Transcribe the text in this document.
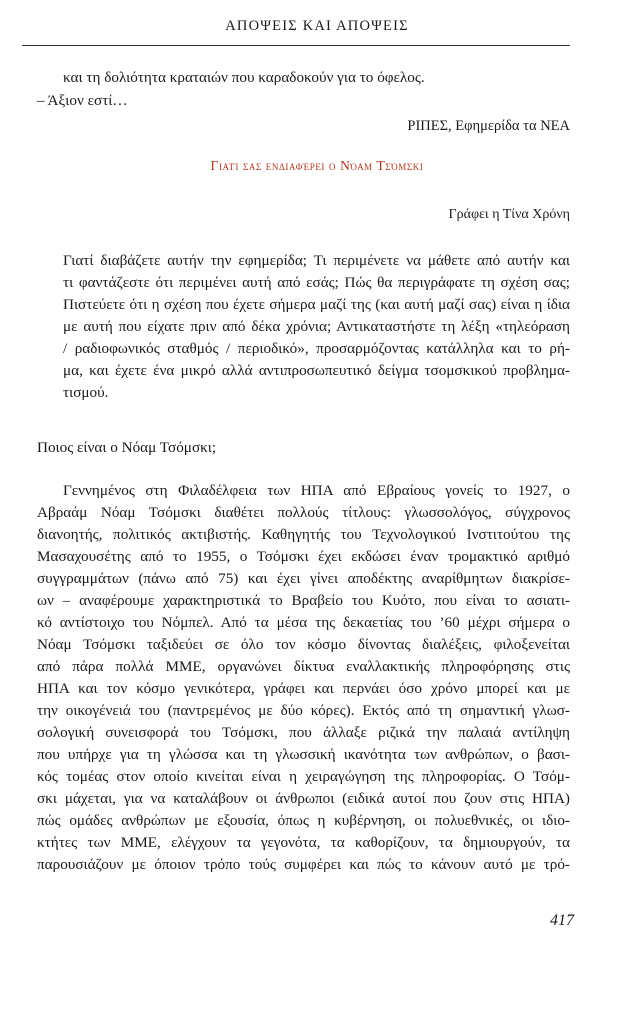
ΑΠΟΨΕΙΣ ΚΑΙ ΑΠΟΨΕΙΣ
και τη δολιότητα κραταιών που καραδοκούν για το όφελος.
– Άξιον εστί…
ΡΙΠΕΣ, Εφημερίδα τα ΝΕΑ
Γιατί σας ενδιαφέρει ο Νόαμ Τσόμσκι
Γράφει η Τίνα Χρόνη
Γιατί διαβάζετε αυτήν την εφημερίδα; Τι περιμένετε να μάθετε από αυτήν και
τι φαντάζεστε ότι περιμένει αυτή από εσάς; Πώς θα περιγράφατε τη σχέση σας;
Πιστεύετε ότι η σχέση που έχετε σήμερα μαζί της (και αυτή μαζί σας) είναι η ίδια
με αυτή που είχατε πριν από δέκα χρόνια; Αντικαταστήστε τη λέξη «τηλεόραση
/ ραδιοφωνικός σταθμός / περιοδικό», προσαρμόζοντας κατάλληλα και το ρή-
μα, και έχετε ένα μικρό αλλά αντιπροσωπευτικό δείγμα τσομσκικού προβλημα-
τισμού.
Ποιος είναι ο Νόαμ Τσόμσκι;
Γεννημένος στη Φιλαδέλφεια των ΗΠΑ από Εβραίους γονείς το 1927, ο
Αβραάμ Νόαμ Τσόμσκι διαθέτει πολλούς τίτλους: γλωσσολόγος, σύγχρονος
διανοητής, πολιτικός ακτιβιστής. Καθηγητής του Τεχνολογικού Ινστιτούτου της
Μασαχουσέτης από το 1955, ο Τσόμσκι έχει εκδώσει έναν τρομακτικό αριθμό
συγγραμμάτων (πάνω από 75) και έχει γίνει αποδέκτης αναρίθμητων διακρίσε-
ων – αναφέρουμε χαρακτηριστικά το Βραβείο του Κυότο, που είναι το ασιατι-
κό αντίστοιχο του Νόμπελ. Από τα μέσα της δεκαετίας του ’60 μέχρι σήμερα ο
Νόαμ Τσόμσκι ταξιδεύει σε όλο τον κόσμο δίνοντας διαλέξεις, φιλοξενείται
από πάρα πολλά ΜΜΕ, οργανώνει δίκτυα εναλλακτικής πληροφόρησης στις
ΗΠΑ και τον κόσμο γενικότερα, γράφει και περνάει όσο χρόνο μπορεί και με
την οικογένειά του (παντρεμένος με δύο κόρες). Εκτός από τη σημαντική γλωσ-
σολογική συνεισφορά του Τσόμσκι, που άλλαξε ριζικά την παλαιά αντίληψη
που υπήρχε για τη γλώσσα και τη γλωσσική ικανότητα των ανθρώπων, ο βασι-
κός τομέας στον οποίο κινείται είναι η χειραγώγηση της πληροφορίας. Ο Τσόμ-
σκι μάχεται, για να καταλάβουν οι άνθρωποι (ειδικά αυτοί που ζουν στις ΗΠΑ)
πώς ομάδες ανθρώπων με εξουσία, όπως η κυβέρνηση, οι πολυεθνικές, οι ιδιο-
κτήτες των ΜΜΕ, ελέγχουν τα γεγονότα, τα καθορίζουν, τα δημιουργούν, τα
παρουσιάζουν με όποιον τρόπο τούς συμφέρει και πώς το κάνουν αυτό με τρό-
417
